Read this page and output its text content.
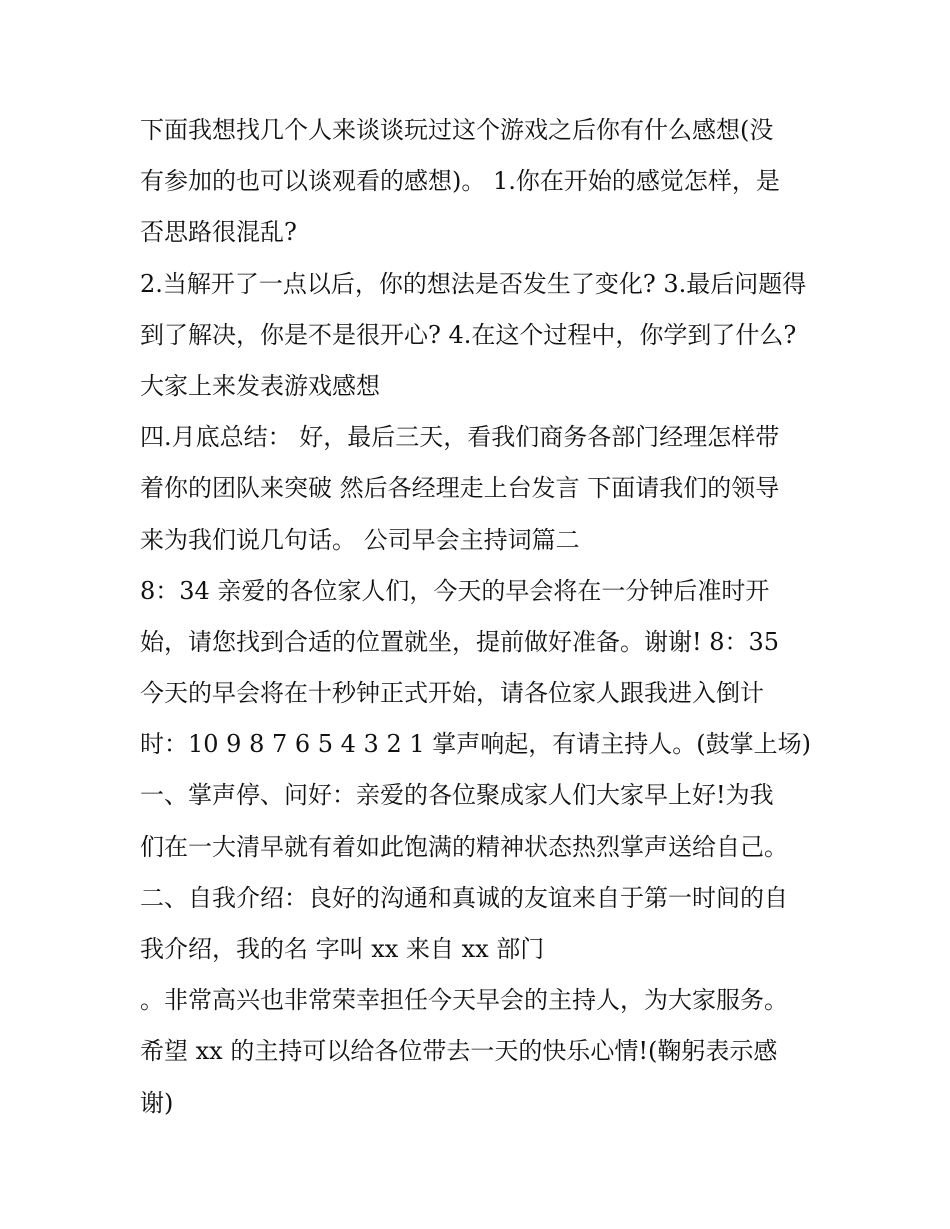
下面我想找几个人来谈谈玩过这个游戏之后你有什么感想(没
有参加的也可以谈观看的感想)。 1.你在开始的感觉怎样，是
否思路很混乱?
2.当解开了一点以后，你的想法是否发生了变化? 3.最后问题得
到了解决，你是不是很开心? 4.在这个过程中，你学到了什么?
大家上来发表游戏感想
四.月底总结： 好，最后三天，看我们商务各部门经理怎样带
着你的团队来突破 然后各经理走上台发言 下面请我们的领导
来为我们说几句话。 公司早会主持词篇二
8：34 亲爱的各位家人们，今天的早会将在一分钟后准时开
始，请您找到合适的位置就坐，提前做好准备。谢谢! 8：35
今天的早会将在十秒钟正式开始，请各位家人跟我进入倒计
时：10 9 8 7 6 5 4 3 2 1 掌声响起，有请主持人。(鼓掌上场)
一、掌声停、问好：亲爱的各位聚成家人们大家早上好!为我
们在一大清早就有着如此饱满的精神状态热烈掌声送给自己。
二、自我介绍：良好的沟通和真诚的友谊来自于第一时间的自
我介绍，我的名 字叫 xx 来自 xx 部门
。非常高兴也非常荣幸担任今天早会的主持人，为大家服务。
希望 xx 的主持可以给各位带去一天的快乐心情!(鞠躬表示感
谢)
